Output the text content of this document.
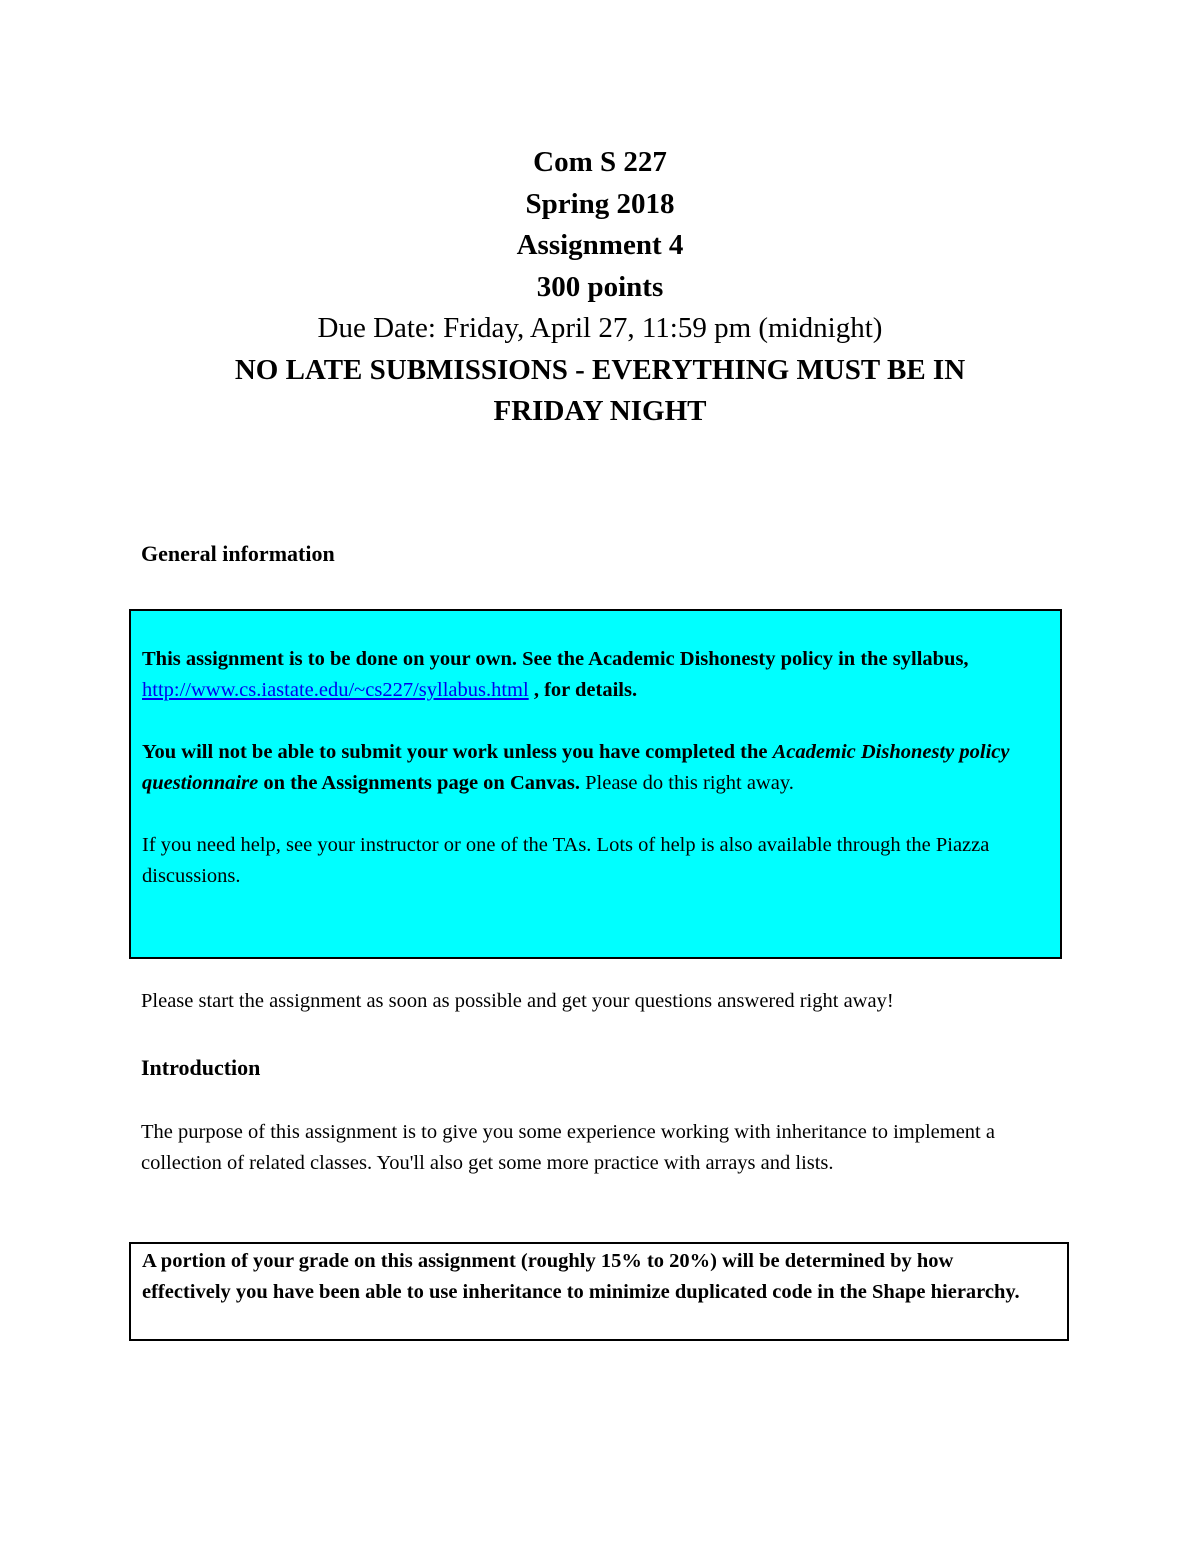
Com S 227

Spring 2018

Assignment 4

300 points

Due Date: Friday, April 27, 11:59 pm (midnight)

NO LATE SUBMISSIONS - EVERYTHING MUST BE IN FRIDAY NIGHT

General information

This assignment is to be done on your own. See the Academic Dishonesty policy in the syllabus, http://www.cs.iastate.edu/~cs227/syllabus.html , for details.

You will not be able to submit your work unless you have completed the Academic Dishonesty policy questionnaire on the Assignments page on Canvas. Please do this right away.

If you need help, see your instructor or one of the TAs. Lots of help is also available through the Piazza discussions.

Please start the assignment as soon as possible and get your questions answered right away!

Introduction

The purpose of this assignment is to give you some experience working with inheritance to implement a collection of related classes. You'll also get some more practice with arrays and lists.

A portion of your grade on this assignment (roughly 15% to 20%) will be determined by how effectively you have been able to use inheritance to minimize duplicated code in the Shape hierarchy.
